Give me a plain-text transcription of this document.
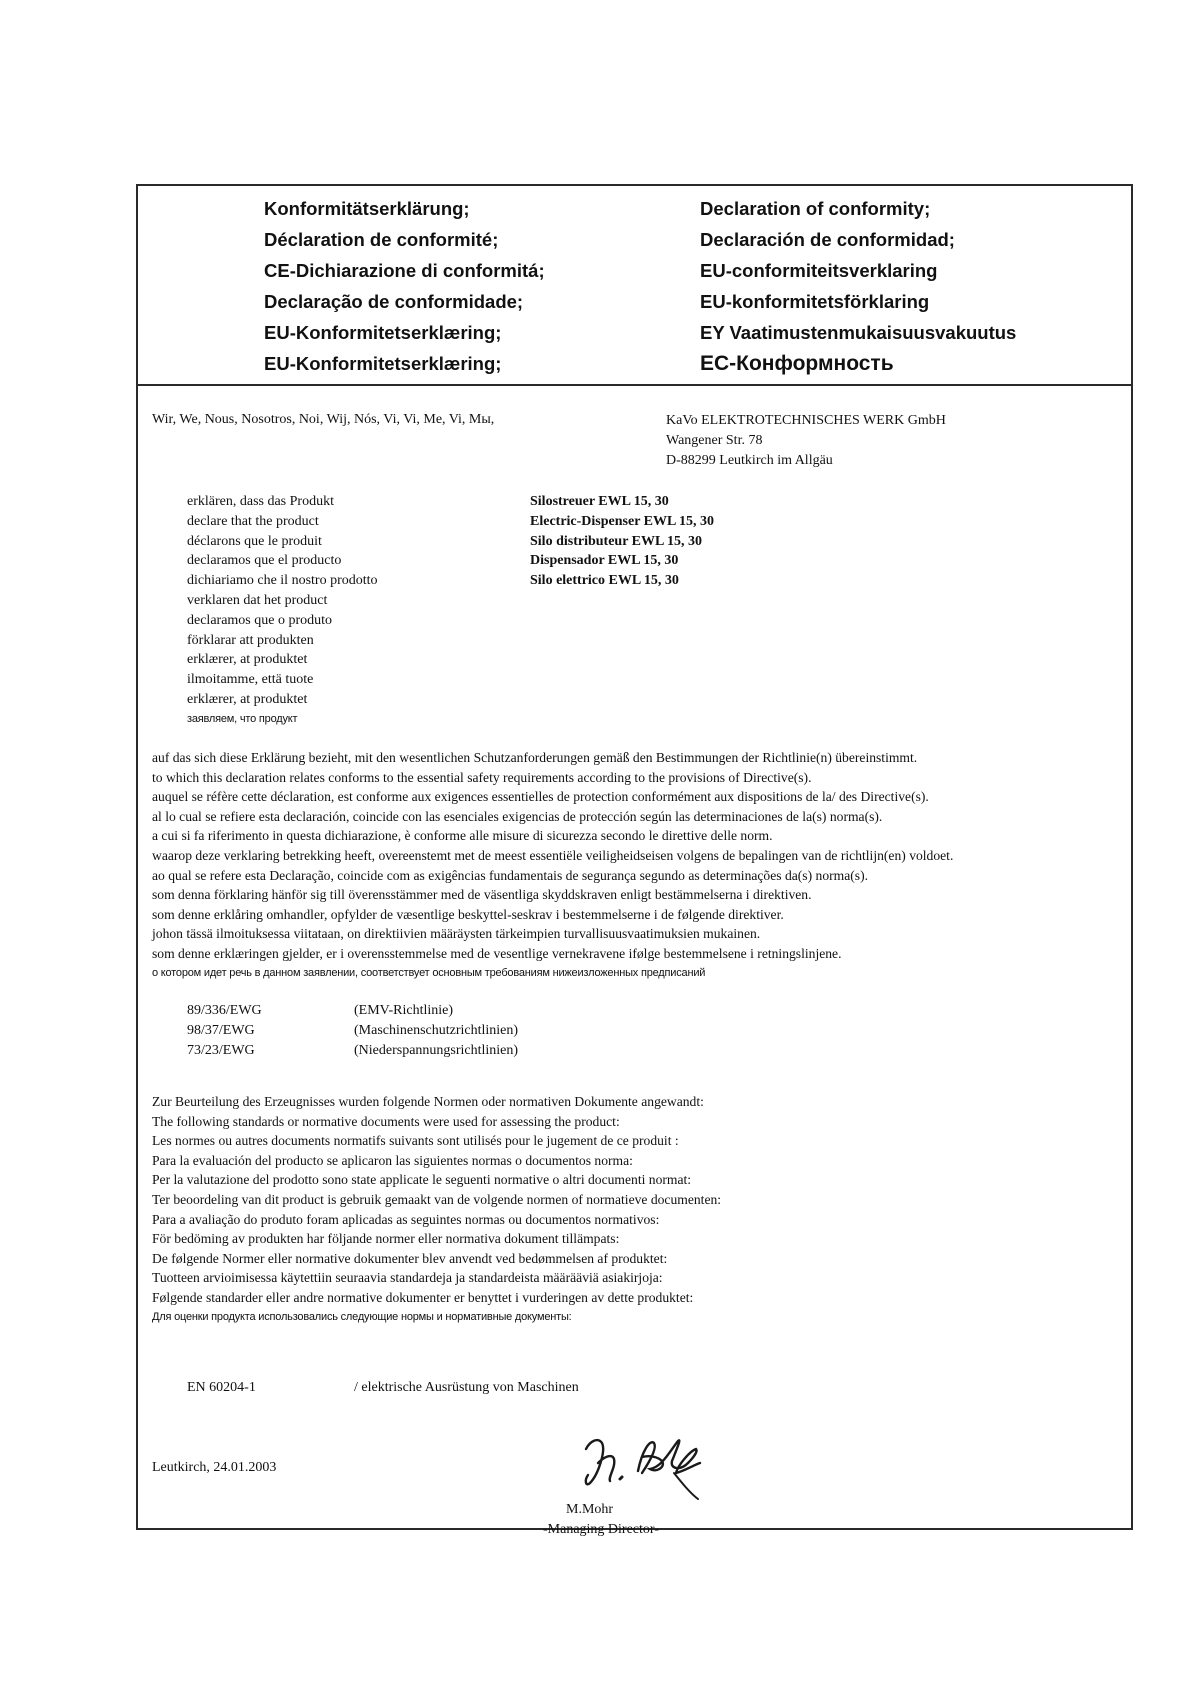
Konformitätserklärung;
Déclaration de conformité;
CE-Dichiarazione di conformitá;
Declaração de conformidade;
EU-Konformitetserklæring;
EU-Konformitetserklæring;
Declaration of conformity;
Declaración de conformidad;
EU-conformiteitsverklaring
EU-konformitetsförklaring
EY Vaatimustenmukaisuusvakuutus
ЕС-Конформность
Wir, We, Nous, Nosotros, Noi, Wij, Nós, Vi, Vi, Me, Vi, Мы,	KaVo ELEKTROTECHNISCHES WERK GmbH
Wangener Str. 78
D-88299 Leutkirch im Allgäu
erklären, dass das Produkt
declare that the product
déclarons que le produit
declaramos que el producto
dichiariamo che il nostro prodotto
verklaren dat het product
declaramos que o produto
förklarar att produkten
erklærer, at produktet
ilmoitamme, että tuote
erklærer, at produktet
заявляем, что продукт
Silostreuer EWL 15, 30
Electric-Dispenser EWL 15, 30
Silo distributeur EWL 15, 30
Dispensador EWL 15, 30
Silo elettrico EWL 15, 30
auf das sich diese Erklärung bezieht, mit den wesentlichen Schutzanforderungen gemäß den Bestimmungen der Richtlinie(n) übereinstimmt.
to which this declaration relates conforms to the essential safety requirements according to the provisions of Directive(s).
auquel se réfère cette déclaration, est conforme aux exigences essentielles de protection conformément aux dispositions de la/ des Directive(s).
al lo cual se refiere esta declaración, coincide con las esenciales exigencias de protección según las determinaciones de la(s) norma(s).
a cui si fa riferimento in questa dichiarazione, è conforme alle misure di sicurezza secondo le direttive delle norm.
waarop deze verklaring betrekking heeft, overeenstemt met de meest essentiële veiligheidseisen volgens de bepalingen van de richtlijn(en) voldoet.
ao qual se refere esta Declaração, coincide com as exigências fundamentais de segurança segundo as determinações da(s) norma(s).
som denna förklaring hänför sig till överensstämmer med de väsentliga skyddskraven enligt bestämmelserna i direktiven.
som denne erklåring omhandler, opfylder de væsentlige beskyttel-seskrav i bestemmelserne i de følgende direktiver.
johon tässä ilmoituksessa viitataan, on direktiivien määräysten tärkeimpien turvallisuusvaatimuksien mukainen.
som denne erklæringen gjelder, er i overensstemmelse med de vesentlige vernekravene ifølge bestemmelsene i retningslinjene.
о котором идет речь в данном заявлении, соответствует основным требованиям нижеизложенных предписаний
89/336/EWG
98/37/EWG
73/23/EWG
(EMV-Richtlinie)
(Maschinenschutzrichtlinien)
(Niederspannungsrichtlinien)
Zur Beurteilung des Erzeugnisses wurden folgende Normen oder normativen Dokumente angewandt:
The following standards or normative documents were used for assessing the product:
Les normes ou autres documents normatifs suivants sont utilisés pour le jugement de ce produit :
Para la evaluación del producto se aplicaron las siguientes normas o documentos norma:
Per la valutazione del prodotto sono state applicate le seguenti normative o altri documenti normat:
Ter beoordeling van dit product is gebruik gemaakt van de volgende normen of normatieve documenten:
Para a avaliação do produto foram aplicadas as seguintes normas ou documentos normativos:
För bedöming av produkten har följande normer eller normativa dokument tillämpats:
De følgende Normer eller normative dokumenter blev anvendt ved bedømmelsen af produktet:
Tuotteen arvioimisessa käytettiin seuraavia standardeja ja standardeista määrääviä asiakirjoja:
Følgende standarder eller andre normative dokumenter er benyttet i vurderingen av dette produktet:
Для оценки продукта использовались следующие нормы и нормативные документы:
EN 60204-1	/ elektrische Ausrüstung von Maschinen
Leutkirch, 24.01.2003
M.Mohr
-Managing Director-
